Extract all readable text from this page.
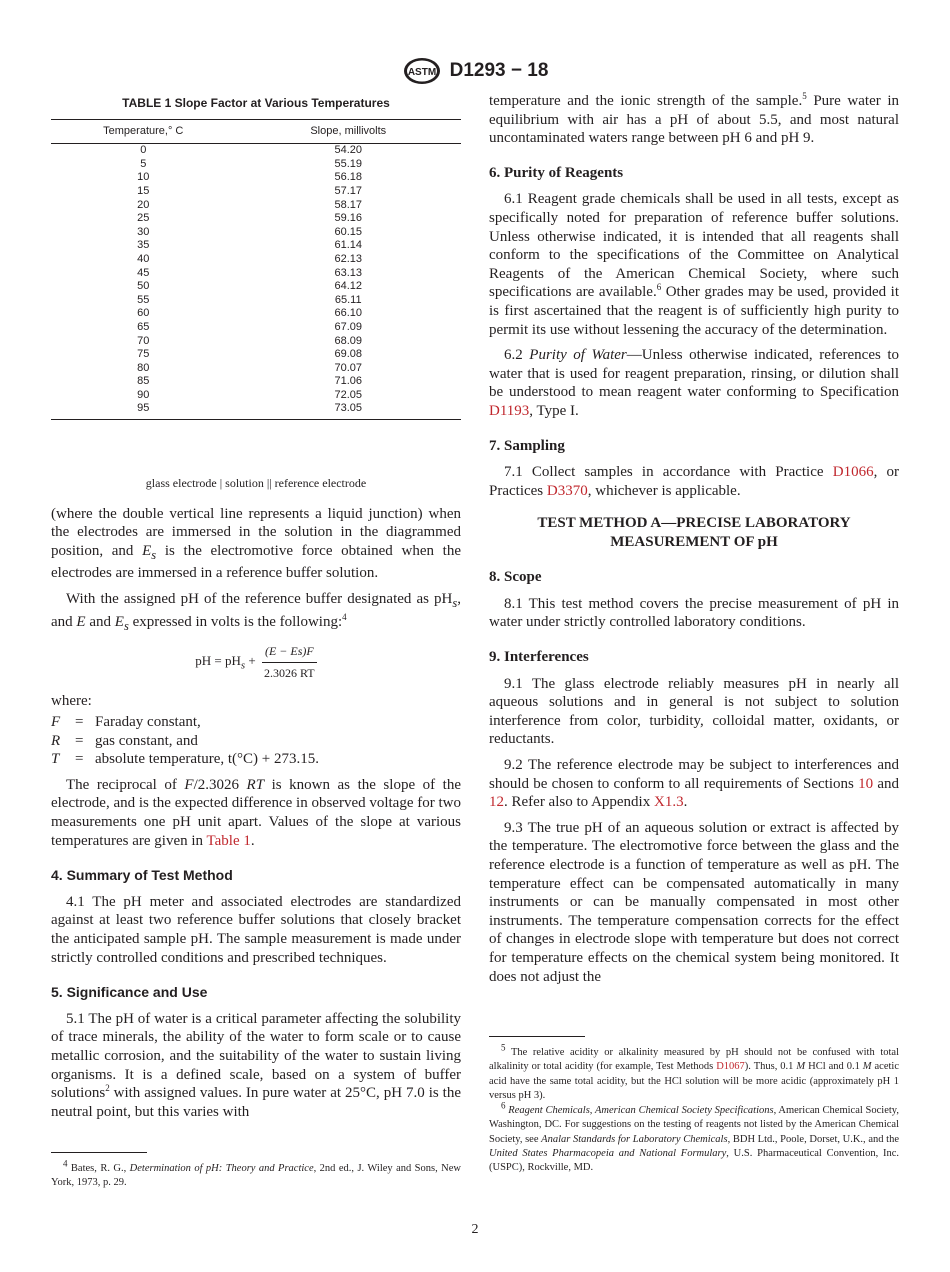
ASTM D1293 − 18
TABLE 1 Slope Factor at Various Temperatures
Temperature,° C	Slope, millivolts
0	54.20
5	55.19
10	56.18
15	57.17
20	58.17
25	59.16
30	60.15
35	61.14
40	62.13
45	63.13
50	64.12
55	65.11
60	66.10
65	67.09
70	68.09
75	69.08
80	70.07
85	71.06
90	72.05
95	73.05
glass electrode | solution || reference electrode

(where the double vertical line represents a liquid junction) when the electrodes are immersed in the solution in the diagrammed position, and $E_s$ is the electromotive force obtained when the electrodes are immersed in a reference buffer solution.

With the assigned pH of the reference buffer designated as $pH_s$, and E and $E_s$ expressed in volts is the following:$^4$

pH = $pH_s + \frac{(E - Es)F}{2.3026 RT}$
where:
F = Faraday constant,
R = gas constant, and
T	= absolute temperature, t(°C) + 273.15.

The reciprocal of F/2.3026 RT is known as the slope of the electrode, and is the expected difference in observed voltage for two measurements one pH unit apart. Values of the slope at various temperatures are given in Table 1.

4. Summary of Test Method

4.1 The pH meter and associated electrodes are standardized against at least two reference buffer solutions that closely bracket the anticipated sample pH. The sample measurement is made under strictly controlled conditions and prescribed techniques.

5. Significance and Use

5.1 The pH of water is a critical parameter affecting the solubility of trace minerals, the ability of the water to form scale or to cause metallic corrosion, and the suitability of the water to sustain living organisms. It is a defined scale, based on a system of buffer solutions$^2$ with assigned values. In pure water at 25°C, pH 7.0 is the neutral point, but this varies with

$^4$ Bates, R. G., Determination of pH: Theory and Practice, 2nd ed., J. Wiley and Sons, New York, 1973, p. 29.

temperature and the ionic strength of the sample.$^5$ Pure water in equilibrium with air has a pH of about 5.5, and most natural uncontaminated waters range between pH 6 and pH 9.

6. Purity of Reagents

6.1 Reagent grade chemicals shall be used in all tests, except as specifically noted for preparation of reference buffer solutions. Unless otherwise indicated, it is intended that all reagents shall conform to the specifications of the Committee on Analytical Reagents of the American Chemical Society, where such specifications are available.$^6$ Other grades may be used, provided it is first ascertained that the reagent is of sufficiently high purity to permit its use without lessening the accuracy of the determination.

6.2 Purity of Water—Unless otherwise indicated, references to water that is used for reagent preparation, rinsing, or dilution shall be understood to mean reagent water conforming to Specification D1193, Type I.

7. Sampling

7.1 Collect samples in accordance with Practice D1066, or Practices D3370, whichever is applicable.

TEST METHOD A—PRECISE LABORATORY MEASUREMENT OF pH
8. Scope

8.1 This test method covers the precise measurement of pH in water under strictly controlled laboratory conditions.

9. Interferences

9.1 The glass electrode reliably measures pH in nearly all aqueous solutions and in general is not subject to solution interference from color, turbidity, colloidal matter, oxidants, or reductants.

9.2 The reference electrode may be subject to interferences and should be chosen to conform to all requirements of Sections 10 and 12. Refer also to Appendix X1.3.

9.3 The true pH of an aqueous solution or extract is affected by the temperature. The electromotive force between the glass and the reference electrode is a function of temperature as well as pH. The temperature effect can be compensated automatically in many instruments or can be manually compensated in most other instruments. The temperature compensation corrects for the effect of changes in electrode slope with temperature but does not correct for temperature effects on the chemical system being monitored. It does not adjust the

$^5$ The relative acidity or alkalinity measured by pH should not be confused with total alkalinity or total acidity (for example, Test Methods D1067). Thus, 0.1 M HCl and 0.1 M acetic acid have the same total acidity, but the HCl solution will be more acidic (approximately pH 1 versus pH 3).

$^6$ Reagent Chemicals, American Chemical Society Specifications, American Chemical Society, Washington, DC. For suggestions on the testing of reagents not listed by the American Chemical Society, see Analar Standards for Laboratory Chemicals, BDH Ltd., Poole, Dorset, U.K., and the United States Pharmacopeia and National Formulary, U.S. Pharmaceutical Convention, Inc. (USPC), Rockville, MD.

2
